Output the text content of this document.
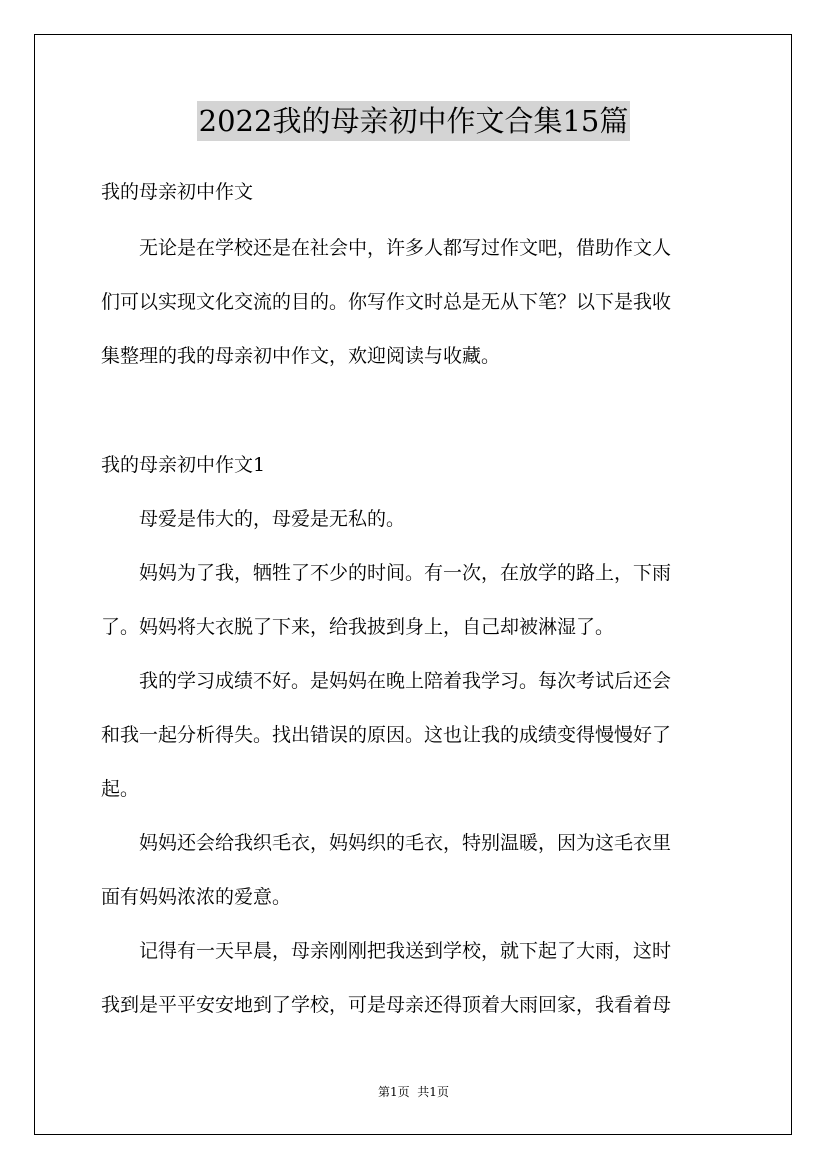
2022我的母亲初中作文合集15篇

我的母亲初中作文

　　无论是在学校还是在社会中，许多人都写过作文吧，借助作文人

们可以实现文化交流的目的。你写作文时总是无从下笔？以下是我收

集整理的我的母亲初中作文，欢迎阅读与收藏。

我的母亲初中作文1

　　母爱是伟大的，母爱是无私的。

　　妈妈为了我，牺牲了不少的时间。有一次，在放学的路上，下雨

了。妈妈将大衣脱了下来，给我披到身上，自己却被淋湿了。

　　我的学习成绩不好。是妈妈在晚上陪着我学习。每次考试后还会

和我一起分析得失。找出错误的原因。这也让我的成绩变得慢慢好了

起。

　　妈妈还会给我织毛衣，妈妈织的毛衣，特别温暖，因为这毛衣里

面有妈妈浓浓的爱意。

　　记得有一天早晨，母亲刚刚把我送到学校，就下起了大雨，这时

我到是平平安安地到了学校，可是母亲还得顶着大雨回家，我看着母

第1页  共1页
